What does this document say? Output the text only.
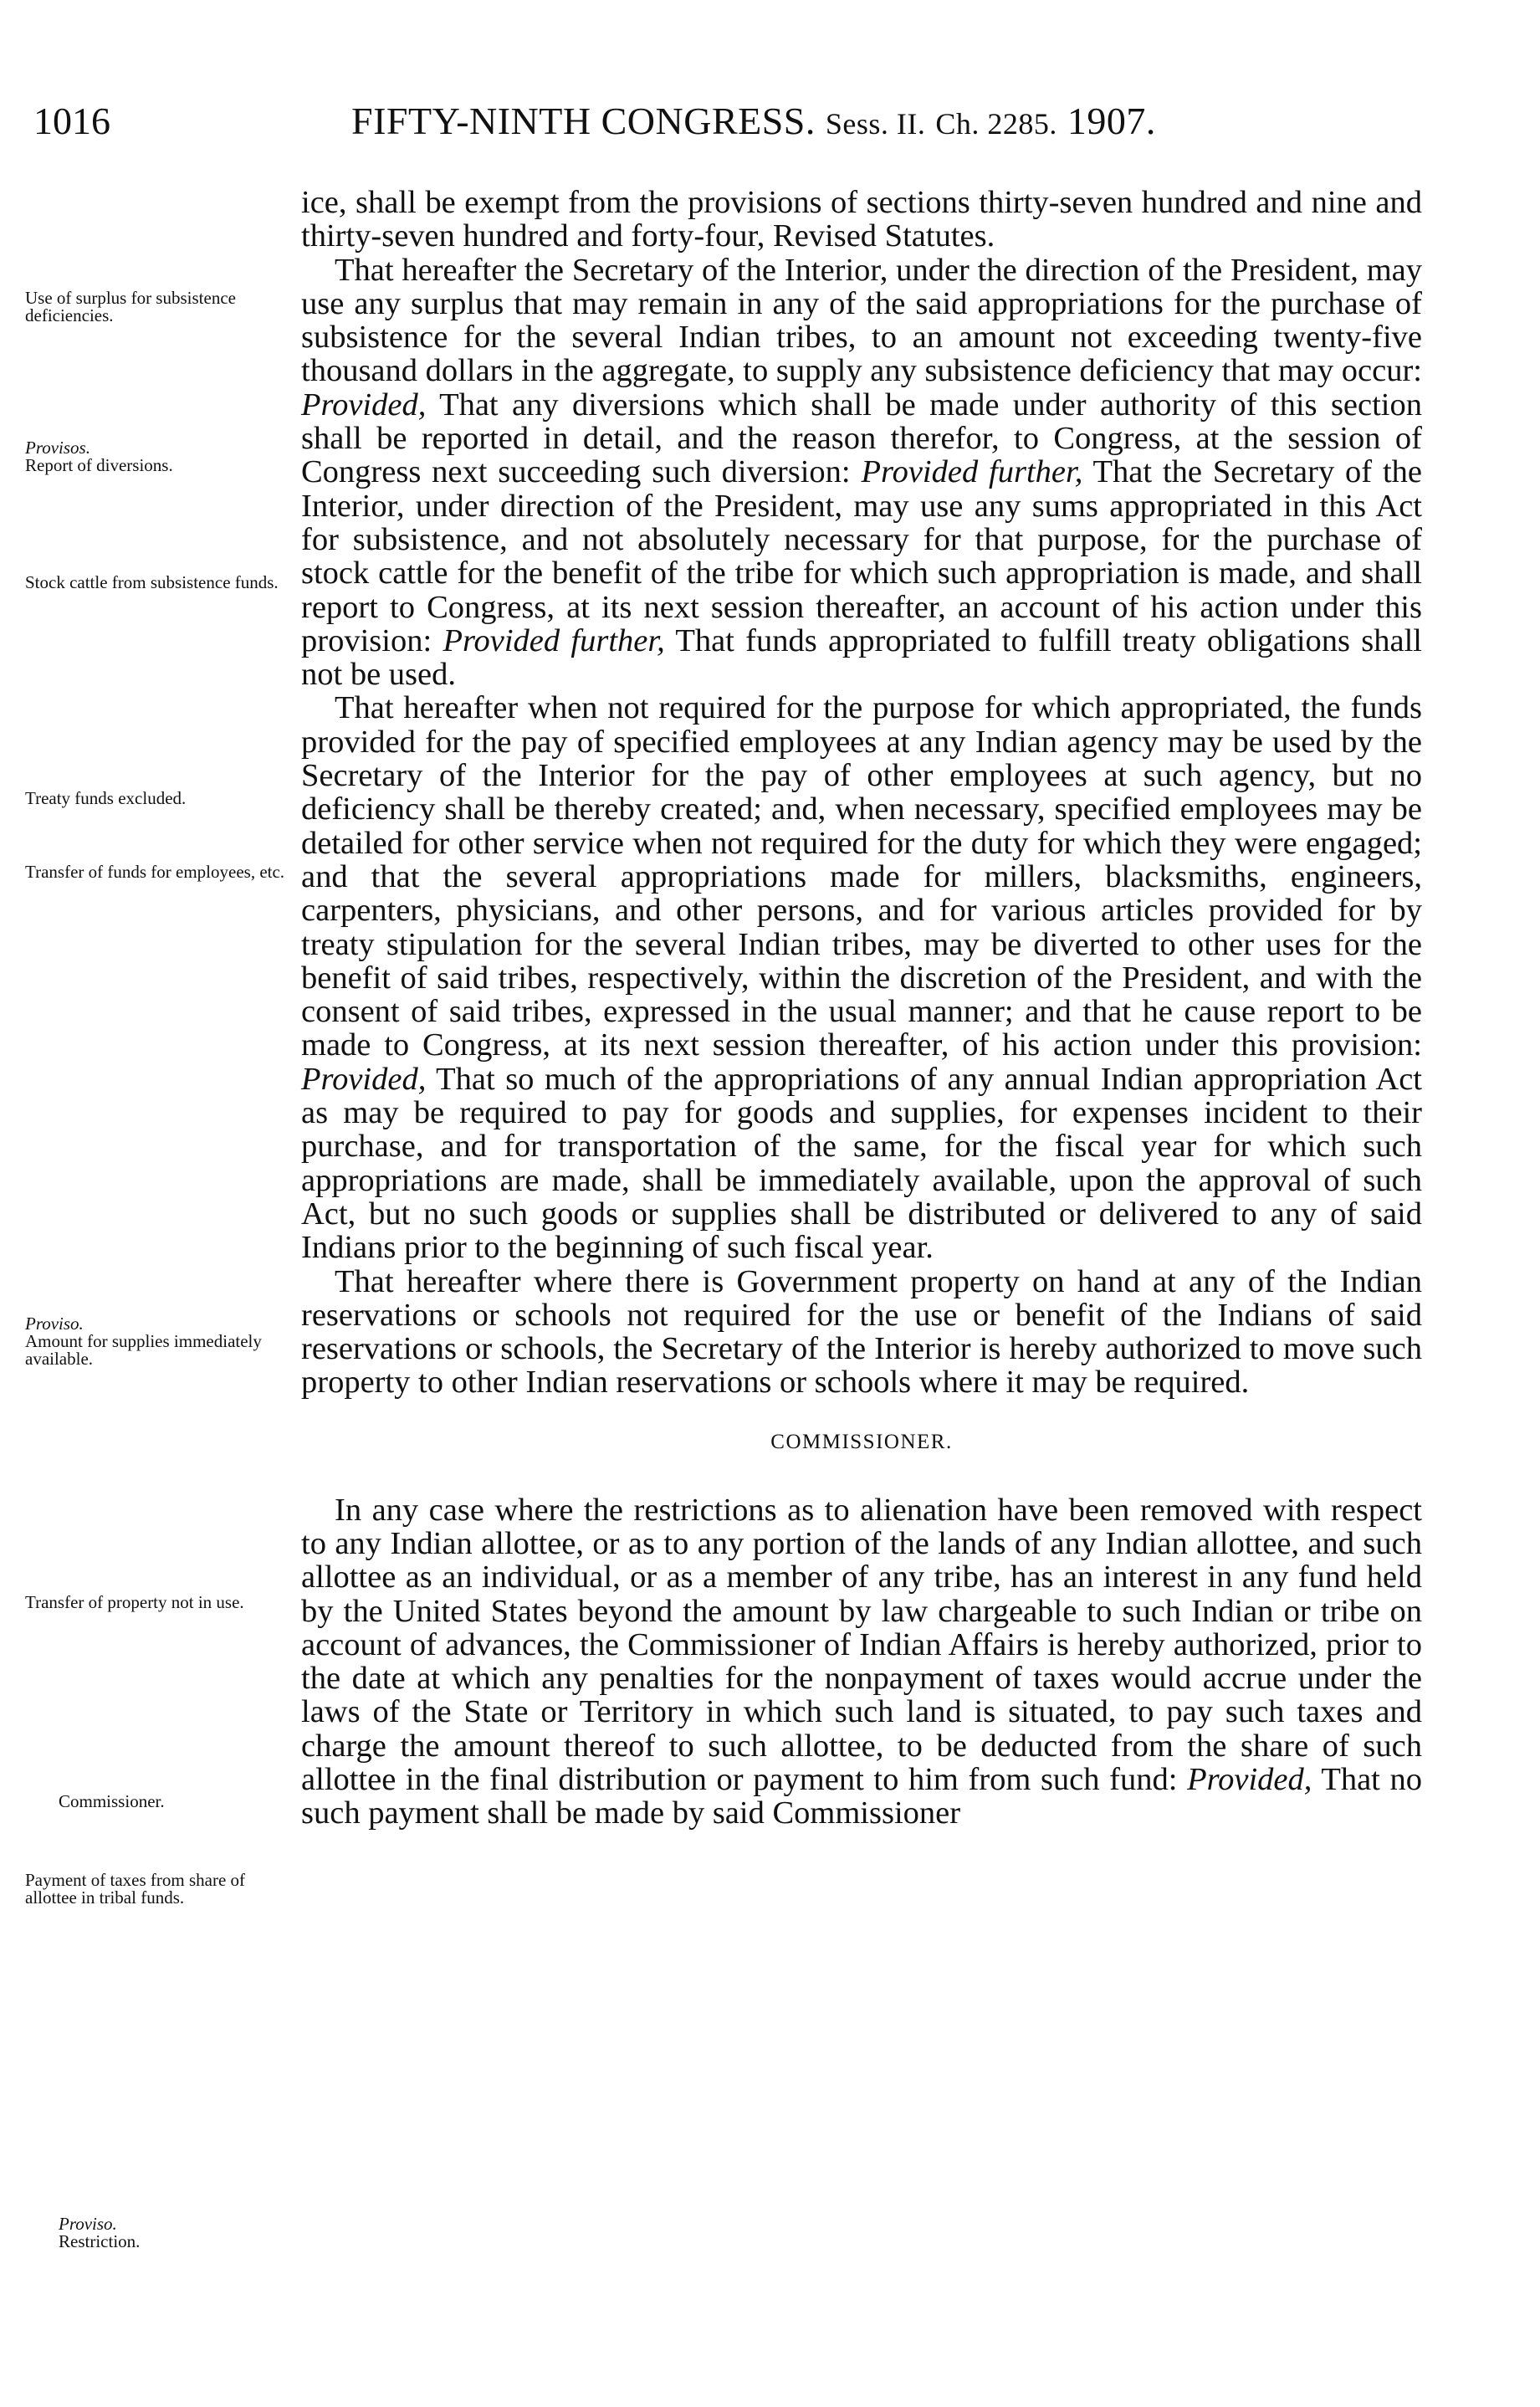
1016	FIFTY-NINTH CONGRESS. Sess. II. Ch. 2285. 1907.

ice, shall be exempt from the provisions of sections thirty-seven hundred and nine and thirty-seven hundred and forty-four, Revised Statutes.

That hereafter the Secretary of the Interior, under the direction of the President, may use any surplus that may remain in any of the said appropriations for the purchase of subsistence for the several Indian tribes, to an amount not exceeding twenty-five thousand dollars in the aggregate, to supply any subsistence deficiency that may occur: Provided, That any diversions which shall be made under authority of this section shall be reported in detail, and the reason therefor, to Congress, at the session of Congress next succeeding such diversion: Provided further, That the Secretary of the Interior, under direction of the President, may use any sums appropriated in this Act for subsistence, and not absolutely necessary for that purpose, for the purchase of stock cattle for the benefit of the tribe for which such appropriation is made, and shall report to Congress, at its next session thereafter, an account of his action under this provision: Provided further, That funds appropriated to fulfill treaty obligations shall not be used.

That hereafter when not required for the purpose for which appropriated, the funds provided for the pay of specified employees at any Indian agency may be used by the Secretary of the Interior for the pay of other employees at such agency, but no deficiency shall be thereby created; and, when necessary, specified employees may be detailed for other service when not required for the duty for which they were engaged; and that the several appropriations made for millers, blacksmiths, engineers, carpenters, physicians, and other persons, and for various articles provided for by treaty stipulation for the several Indian tribes, may be diverted to other uses for the benefit of said tribes, respectively, within the discretion of the President, and with the consent of said tribes, expressed in the usual manner; and that he cause report to be made to Congress, at its next session thereafter, of his action under this provision: Provided, That so much of the appropriations of any annual Indian appropriation Act as may be required to pay for goods and supplies, for expenses incident to their purchase, and for transportation of the same, for the fiscal year for which such appropriations are made, shall be immediately available, upon the approval of such Act, but no such goods or supplies shall be distributed or delivered to any of said Indians prior to the beginning of such fiscal year.

That hereafter where there is Government property on hand at any of the Indian reservations or schools not required for the use or benefit of the Indians of said reservations or schools, the Secretary of the Interior is hereby authorized to move such property to other Indian reservations or schools where it may be required.

COMMISSIONER.

In any case where the restrictions as to alienation have been removed with respect to any Indian allottee, or as to any portion of the lands of any Indian allottee, and such allottee as an individual, or as a member of any tribe, has an interest in any fund held by the United States beyond the amount by law chargeable to such Indian or tribe on account of advances, the Commissioner of Indian Affairs is hereby authorized, prior to the date at which any penalties for the nonpayment of taxes would accrue under the laws of the State or Territory in which such land is situated, to pay such taxes and charge the amount thereof to such allottee, to be deducted from the share of such allottee in the final distribution or payment to him from such fund: Provided, That no such payment shall be made by said Commissioner

Use of surplus for subsistence deficiencies.

Provisos.

Report of diversions.

Stock cattle from subsistence funds.

Treaty funds excluded.

Transfer of funds for employees, etc.

Proviso.

Amount for supplies immediately available.

Transfer of property not in use.

Commissioner.

Payment of taxes from share of allottee in tribal funds.

Proviso.

Restriction.
